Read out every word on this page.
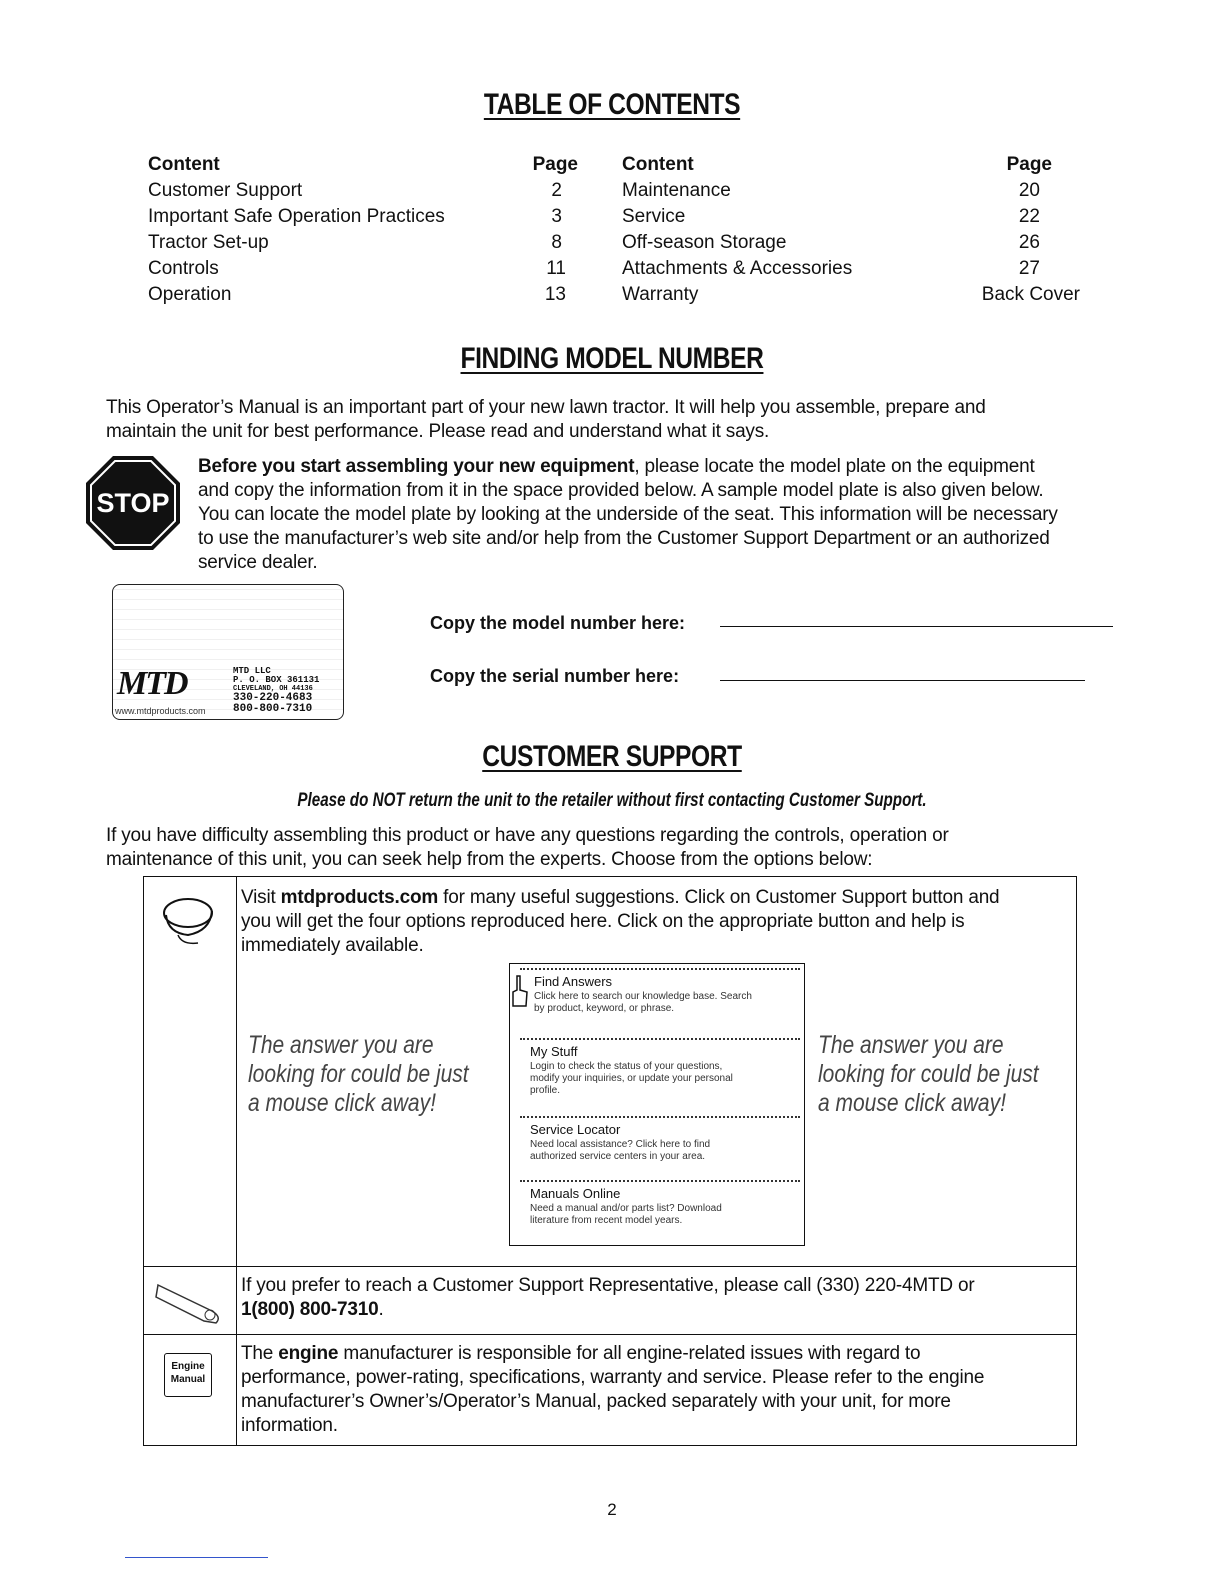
TABLE OF CONTENTS
Content	Page
Customer Support	2
Important Safe Operation Practices	3
Tractor Set-up	8
Controls	11
Operation	13
Content	Page
Maintenance	20
Service	22
Off-season Storage	26
Attachments & Accessories	27
Warranty	Back Cover
FINDING MODEL NUMBER
This Operator’s Manual is an important part of your new lawn tractor. It will help you assemble, prepare and
maintain the unit for best performance. Please read and understand what it says.
STOP
Before you start assembling your new equipment, please locate the model plate on the equipment
and copy the information from it in the space provided below. A sample model plate is also given below.
You can locate the model plate by looking at the underside of the seat. This information will be necessary
to use the manufacturer’s web site and/or help from the Customer Support Department or an authorized
service dealer.
MTD
www.mtdproducts.com
MTD LLC
P. O. BOX 361131
CLEVELAND, OH 44136
330-220-4683
800-800-7310
Copy the model number here:
Copy the serial number here:
CUSTOMER SUPPORT
Please do NOT return the unit to the retailer without first contacting Customer Support.
If you have difficulty assembling this product or have any questions regarding the controls, operation or
maintenance of this unit, you can seek help from the experts. Choose from the options below:
Visit mtdproducts.com for many useful suggestions. Click on Customer Support button and
you will get the four options reproduced here. Click on the appropriate button and help is
immediately available.
The answer you are
looking for could be just
a mouse click away!
The answer you are
looking for could be just
a mouse click away!
If you prefer to reach a Customer Support Representative, please call (330) 220-4MTD or
1(800) 800-7310.
Engine
Manual
The engine manufacturer is responsible for all engine-related issues with regard to
performance, power-rating, specifications, warranty and service. Please refer to the engine
manufacturer’s Owner’s/Operator’s Manual, packed separately with your unit, for more
information.
Find Answers
Click here to search our knowledge base. Search
by product, keyword, or phrase.
My Stuff
Login to check the status of your questions,
modify your inquiries, or update your personal
profile.
Service Locator
Need local assistance? Click here to find
authorized service centers in your area.
Manuals Online
Need a manual and/or parts list? Download
literature from recent model years.
2
